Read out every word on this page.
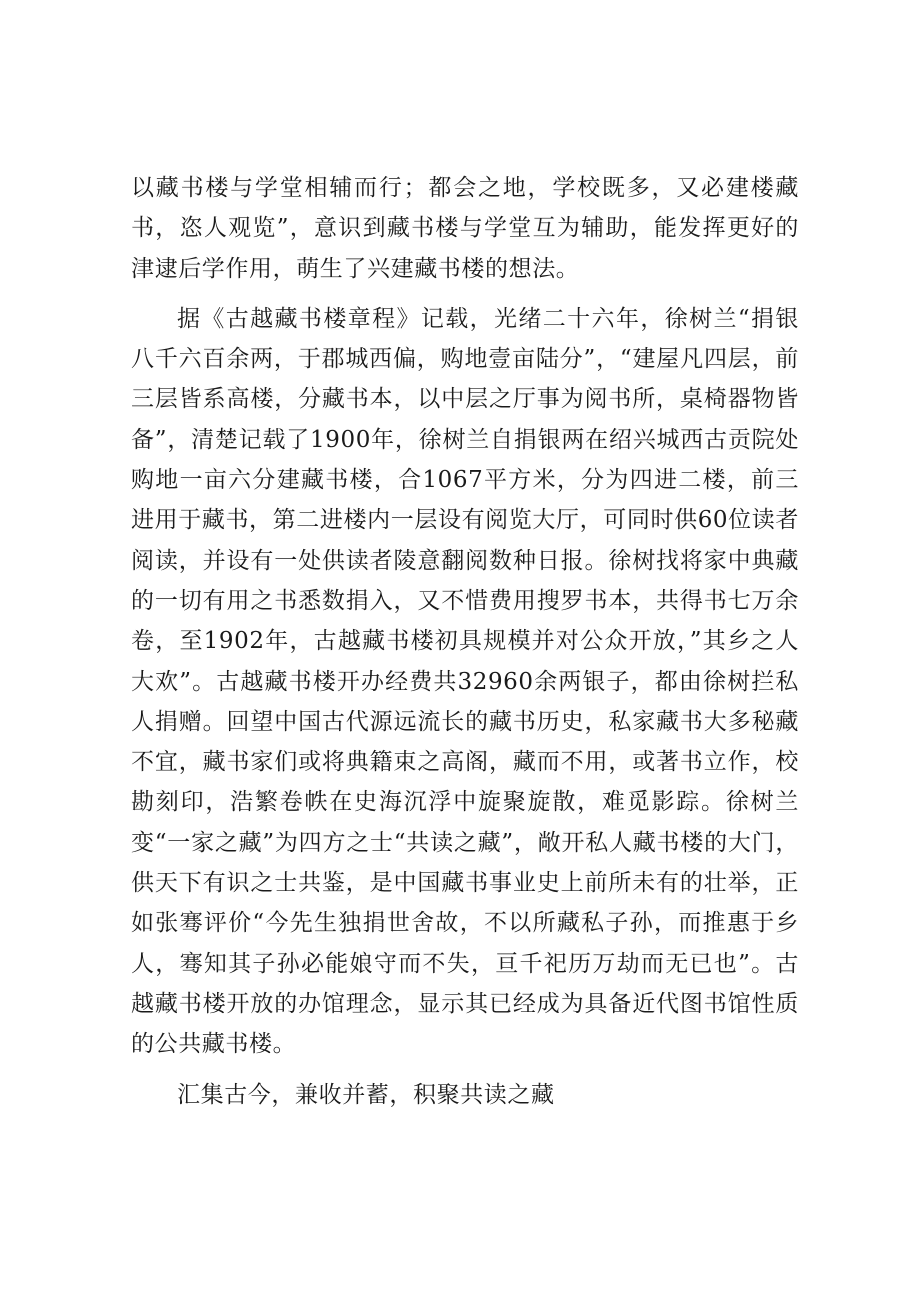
以藏书楼与学堂相辅而行；都会之地，学校既多，又必建楼藏书，恣人观览”，意识到藏书楼与学堂互为辅助，能发挥更好的津逮后学作用，萌生了兴建藏书楼的想法。

据《古越藏书楼章程》记载，光绪二十六年，徐树兰“捐银八千六百余两，于郡城西偏，购地壹亩陆分”，“建屋凡四层，前三层皆系高楼，分藏书本，以中层之厅事为阅书所，桌椅器物皆备”，清楚记载了1900年，徐树兰自捐银两在绍兴城西古贡院处购地一亩六分建藏书楼，合1067平方米，分为四进二楼，前三进用于藏书，第二进楼内一层设有阅览大厅，可同时供60位读者阅读，并设有一处供读者陵意翻阅数种日报。徐树找将家中典藏的一切有用之书悉数捐入，又不惜费用搜罗书本，共得书七万余卷，至1902年，古越藏书楼初具规模并对公众开放，”其乡之人大欢”。古越藏书楼开办经费共32960余两银子，都由徐树拦私人捐赠。回望中国古代源远流长的藏书历史，私家藏书大多秘藏不宜，藏书家们或将典籍束之高阁，藏而不用，或著书立作，校勘刻印，浩繁卷帙在史海沉浮中旋聚旋散，难觅影踪。徐树兰变“一家之藏”为四方之士“共读之藏”，敞开私人藏书楼的大门，供天下有识之士共鉴，是中国藏书事业史上前所未有的壮举，正如张骞评价“今先生独捐世舍故，不以所藏私子孙，而推惠于乡人，骞知其子孙必能娘守而不失，亘千祀历万劫而无已也”。古越藏书楼开放的办馆理念，显示其已经成为具备近代图书馆性质的公共藏书楼。

汇集古今，兼收并蓄，积聚共读之藏
